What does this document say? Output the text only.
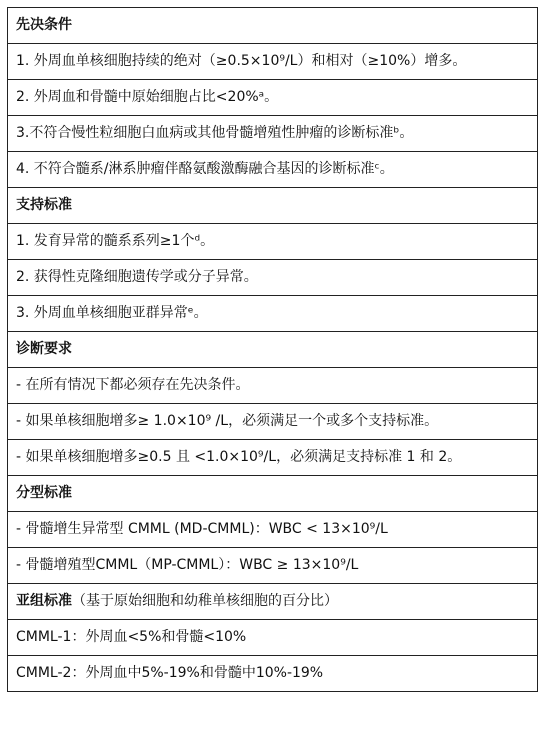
先决条件
1. 外周血单核细胞持续的绝对（≥0.5×10⁹/L）和相对（≥10%）增多。
2. 外周血和骨髓中原始细胞占比<20%ᵃ。
3.不符合慢性粒细胞白血病或其他骨髓增殖性肿瘤的诊断标准ᵇ。
4. 不符合髓系/淋系肿瘤伴酪氨酸激酶融合基因的诊断标准ᶜ。
支持标准
1. 发育异常的髓系系列≥1个ᵈ。
2. 获得性克隆细胞遗传学或分子异常。
3. 外周血单核细胞亚群异常ᵉ。
诊断要求
- 在所有情况下都必须存在先决条件。
- 如果单核细胞增多≥ 1.0×10⁹ /L，必须满足一个或多个支持标准。
- 如果单核细胞增多≥0.5 且 <1.0×10⁹/L，必须满足支持标准 1 和 2。
分型标准
- 骨髓增生异常型 CMML (MD-CMML)：WBC < 13×10⁹/L
- 骨髓增殖型CMML（MP-CMML）：WBC ≥ 13×10⁹/L
亚组标准（基于原始细胞和幼稚单核细胞的百分比）
CMML-1：外周血<5%和骨髓<10%
CMML-2：外周血中5%-19%和骨髓中10%-19%
